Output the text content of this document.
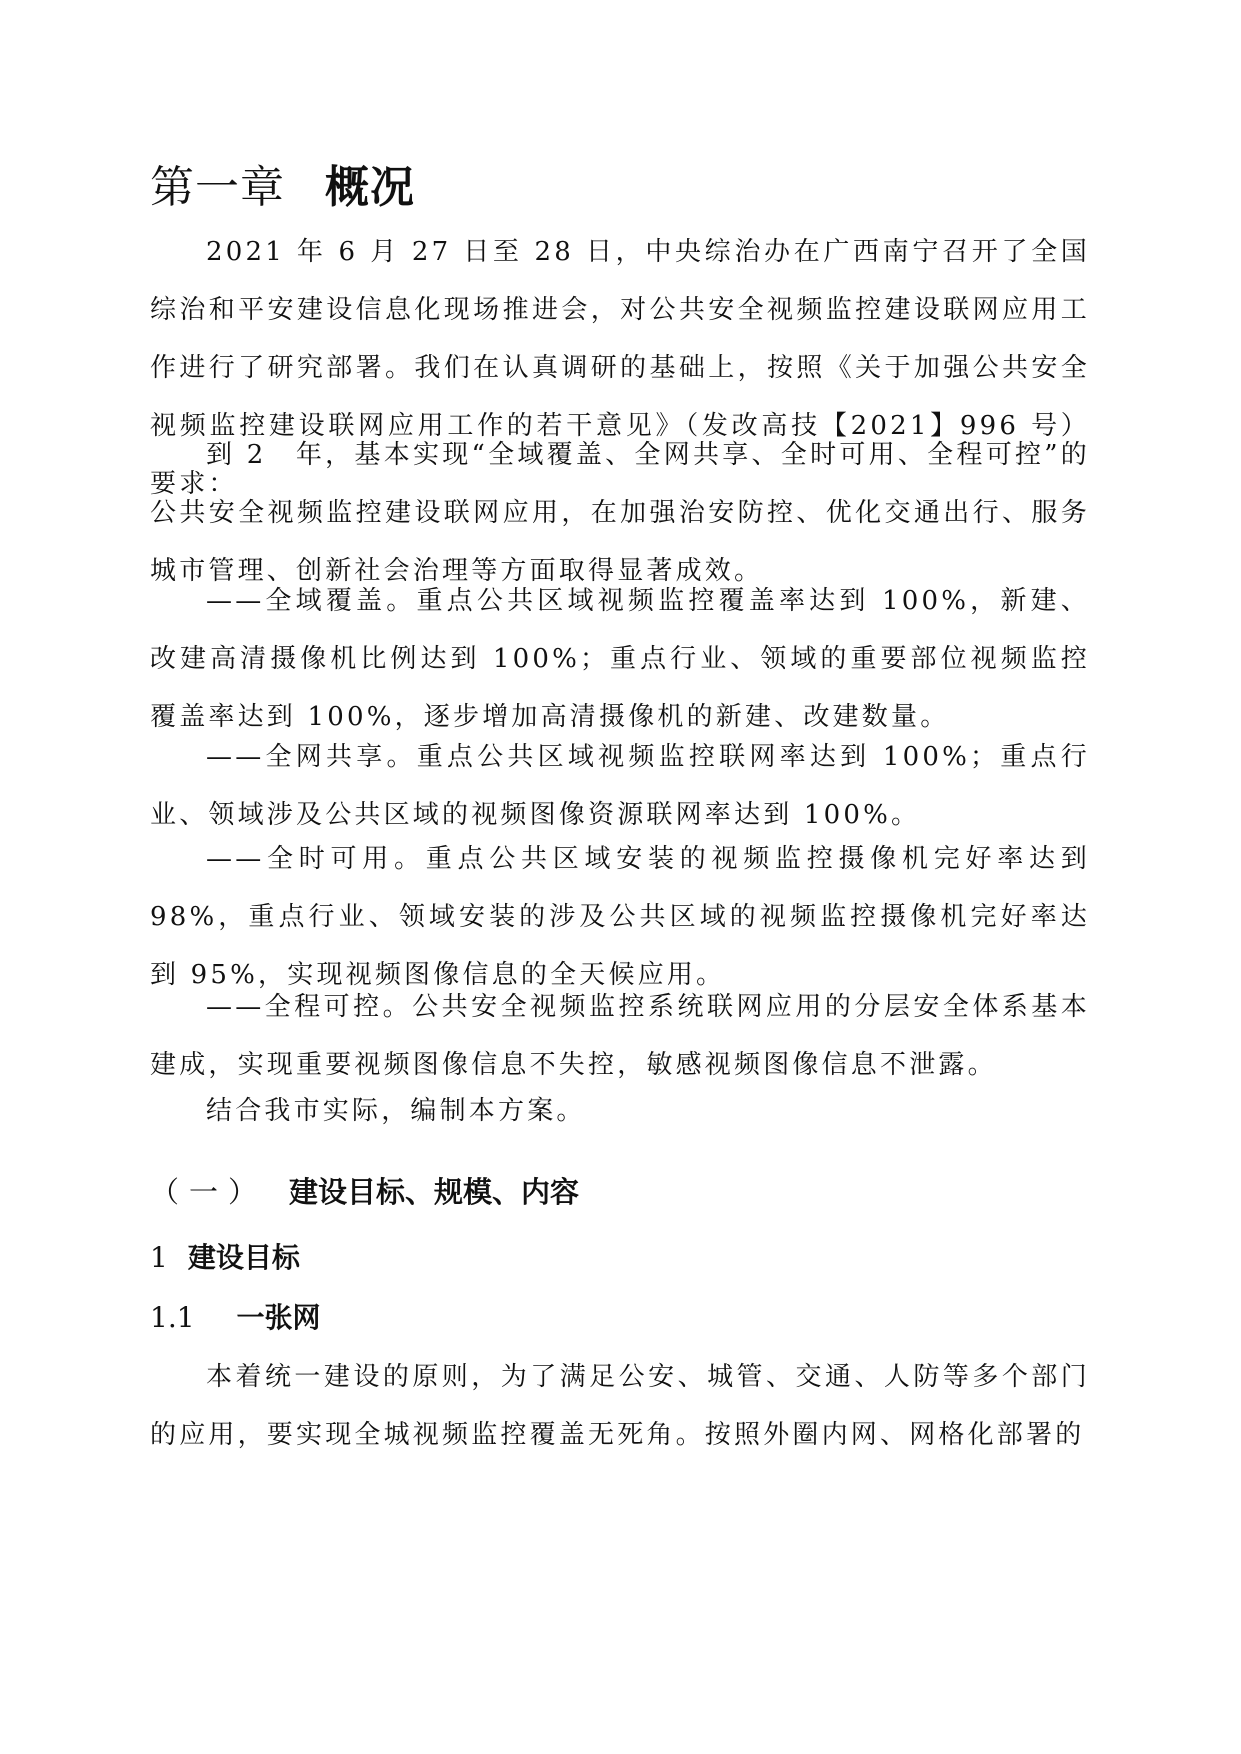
第一章 概况

2021 年 6 月 27 日至 28 日，中央综治办在广西南宁召开了全国综治和平安建设信息化现场推进会，对公共安全视频监控建设联网应用工作进行了研究部署。我们在认真调研的基础上，按照《关于加强公共安全视频监控建设联网应用工作的若干意见》（发改高技【2021】996 号）要求：

到 2　年，基本实现“全域覆盖、全网共享、全时可用、全程可控”的公共安全视频监控建设联网应用，在加强治安防控、优化交通出行、服务城市管理、创新社会治理等方面取得显著成效。

——全域覆盖。重点公共区域视频监控覆盖率达到 100%，新建、改建高清摄像机比例达到 100%；重点行业、领域的重要部位视频监控覆盖率达到 100%，逐步增加高清摄像机的新建、改建数量。

——全网共享。重点公共区域视频监控联网率达到 100%；重点行业、领域涉及公共区域的视频图像资源联网率达到 100%。

——全时可用。重点公共区域安装的视频监控摄像机完好率达到 98%，重点行业、领域安装的涉及公共区域的视频监控摄像机完好率达到 95%，实现视频图像信息的全天候应用。

——全程可控。公共安全视频监控系统联网应用的分层安全体系基本建成，实现重要视频图像信息不失控，敏感视频图像信息不泄露。

结合我市实际，编制本方案。

（一） 建设目标、规模、内容
1 建设目标
1.1 一张网

本着统一建设的原则，为了满足公安、城管、交通、人防等多个部门的应用，要实现全城视频监控覆盖无死角。按照外圈内网、网格化部署的
